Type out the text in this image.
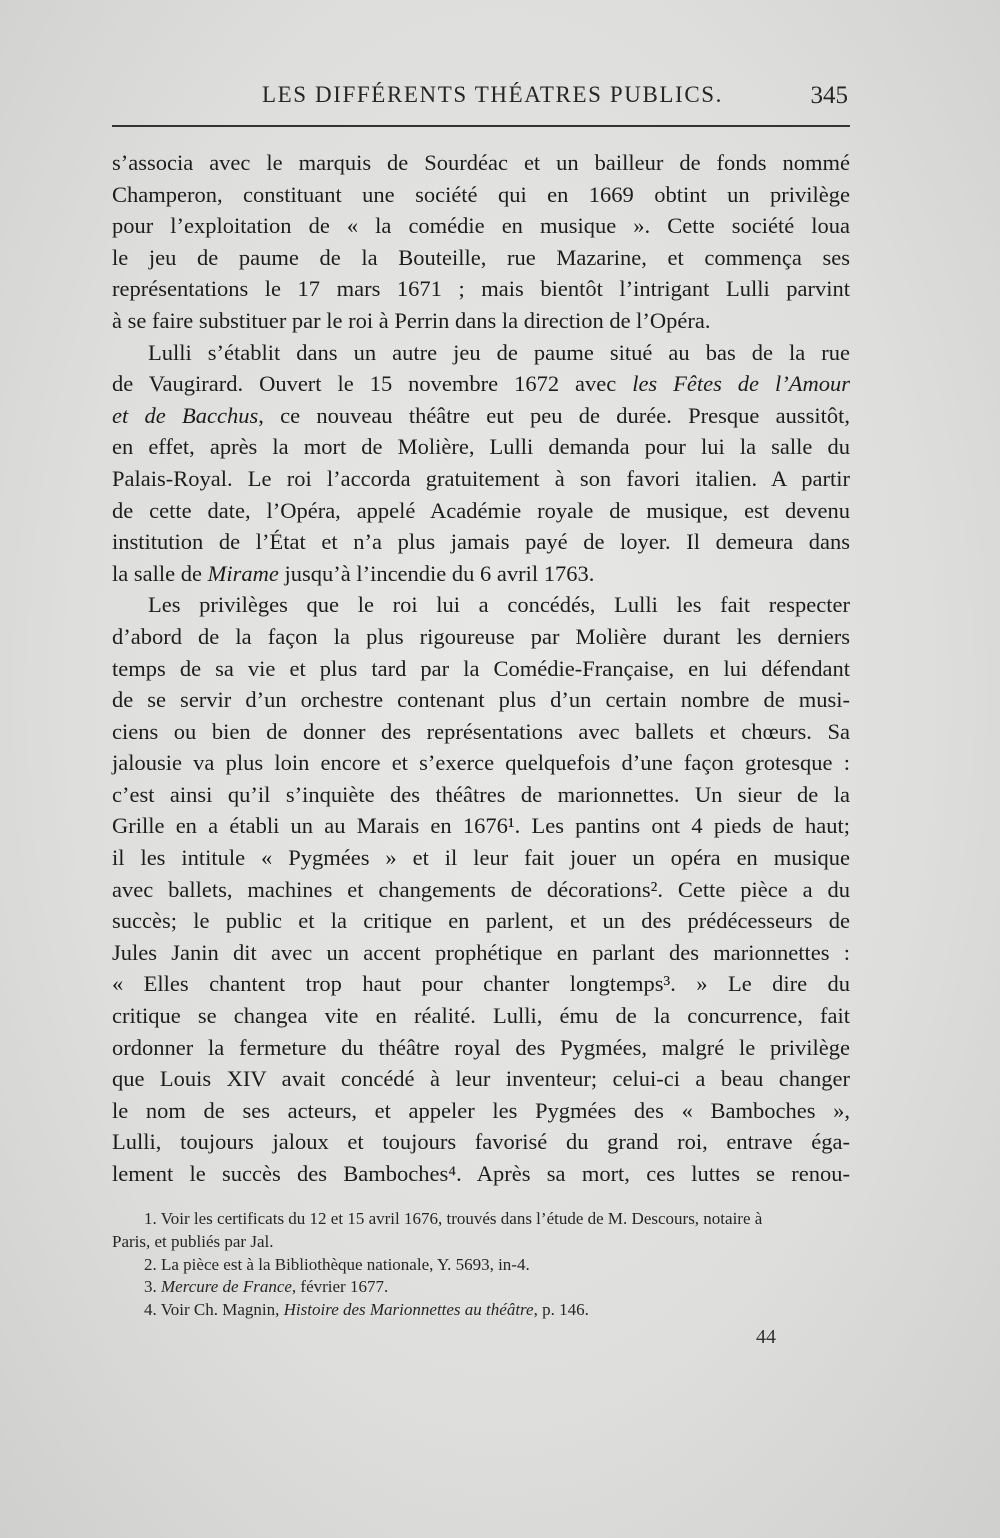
LES DIFFÉRENTS THÉATRES PUBLICS.	345
s’associa avec le marquis de Sourdéac et un bailleur de fonds nommé
Champeron, constituant une société qui en 1669 obtint un privilège
pour l’exploitation de « la comédie en musique ». Cette société loua
le jeu de paume de la Bouteille, rue Mazarine, et commença ses
représentations le 17 mars 1671 ; mais bientôt l’intrigant Lulli parvint
à se faire substituer par le roi à Perrin dans la direction de l’Opéra.
Lulli s’établit dans un autre jeu de paume situé au bas de la rue
de Vaugirard. Ouvert le 15 novembre 1672 avec les Fêtes de l’Amour
et de Bacchus, ce nouveau théâtre eut peu de durée. Presque aussitôt,
en effet, après la mort de Molière, Lulli demanda pour lui la salle du
Palais-Royal. Le roi l’accorda gratuitement à son favori italien. A partir
de cette date, l’Opéra, appelé Académie royale de musique, est devenu
institution de l’État et n’a plus jamais payé de loyer. Il demeura dans
la salle de Mirame jusqu’à l’incendie du 6 avril 1763.
Les privilèges que le roi lui a concédés, Lulli les fait respecter
d’abord de la façon la plus rigoureuse par Molière durant les derniers
temps de sa vie et plus tard par la Comédie-Française, en lui défendant
de se servir d’un orchestre contenant plus d’un certain nombre de musi-
ciens ou bien de donner des représentations avec ballets et chœurs. Sa
jalousie va plus loin encore et s’exerce quelquefois d’une façon grotesque :
c’est ainsi qu’il s’inquiète des théâtres de marionnettes. Un sieur de la
Grille en a établi un au Marais en 1676¹. Les pantins ont 4 pieds de haut;
il les intitule « Pygmées » et il leur fait jouer un opéra en musique
avec ballets, machines et changements de décorations². Cette pièce a du
succès; le public et la critique en parlent, et un des prédécesseurs de
Jules Janin dit avec un accent prophétique en parlant des marionnettes :
« Elles chantent trop haut pour chanter longtemps³. » Le dire du
critique se changea vite en réalité. Lulli, ému de la concurrence, fait
ordonner la fermeture du théâtre royal des Pygmées, malgré le privilège
que Louis XIV avait concédé à leur inventeur; celui-ci a beau changer
le nom de ses acteurs, et appeler les Pygmées des « Bamboches »,
Lulli, toujours jaloux et toujours favorisé du grand roi, entrave éga-
lement le succès des Bamboches⁴. Après sa mort, ces luttes se renou-
1. Voir les certificats du 12 et 15 avril 1676, trouvés dans l’étude de M. Descours, notaire à
Paris, et publiés par Jal.
2. La pièce est à la Bibliothèque nationale, Y. 5693, in-4.
3. Mercure de France, février 1677.
4. Voir Ch. Magnin, Histoire des Marionnettes au théâtre, p. 146.
44
